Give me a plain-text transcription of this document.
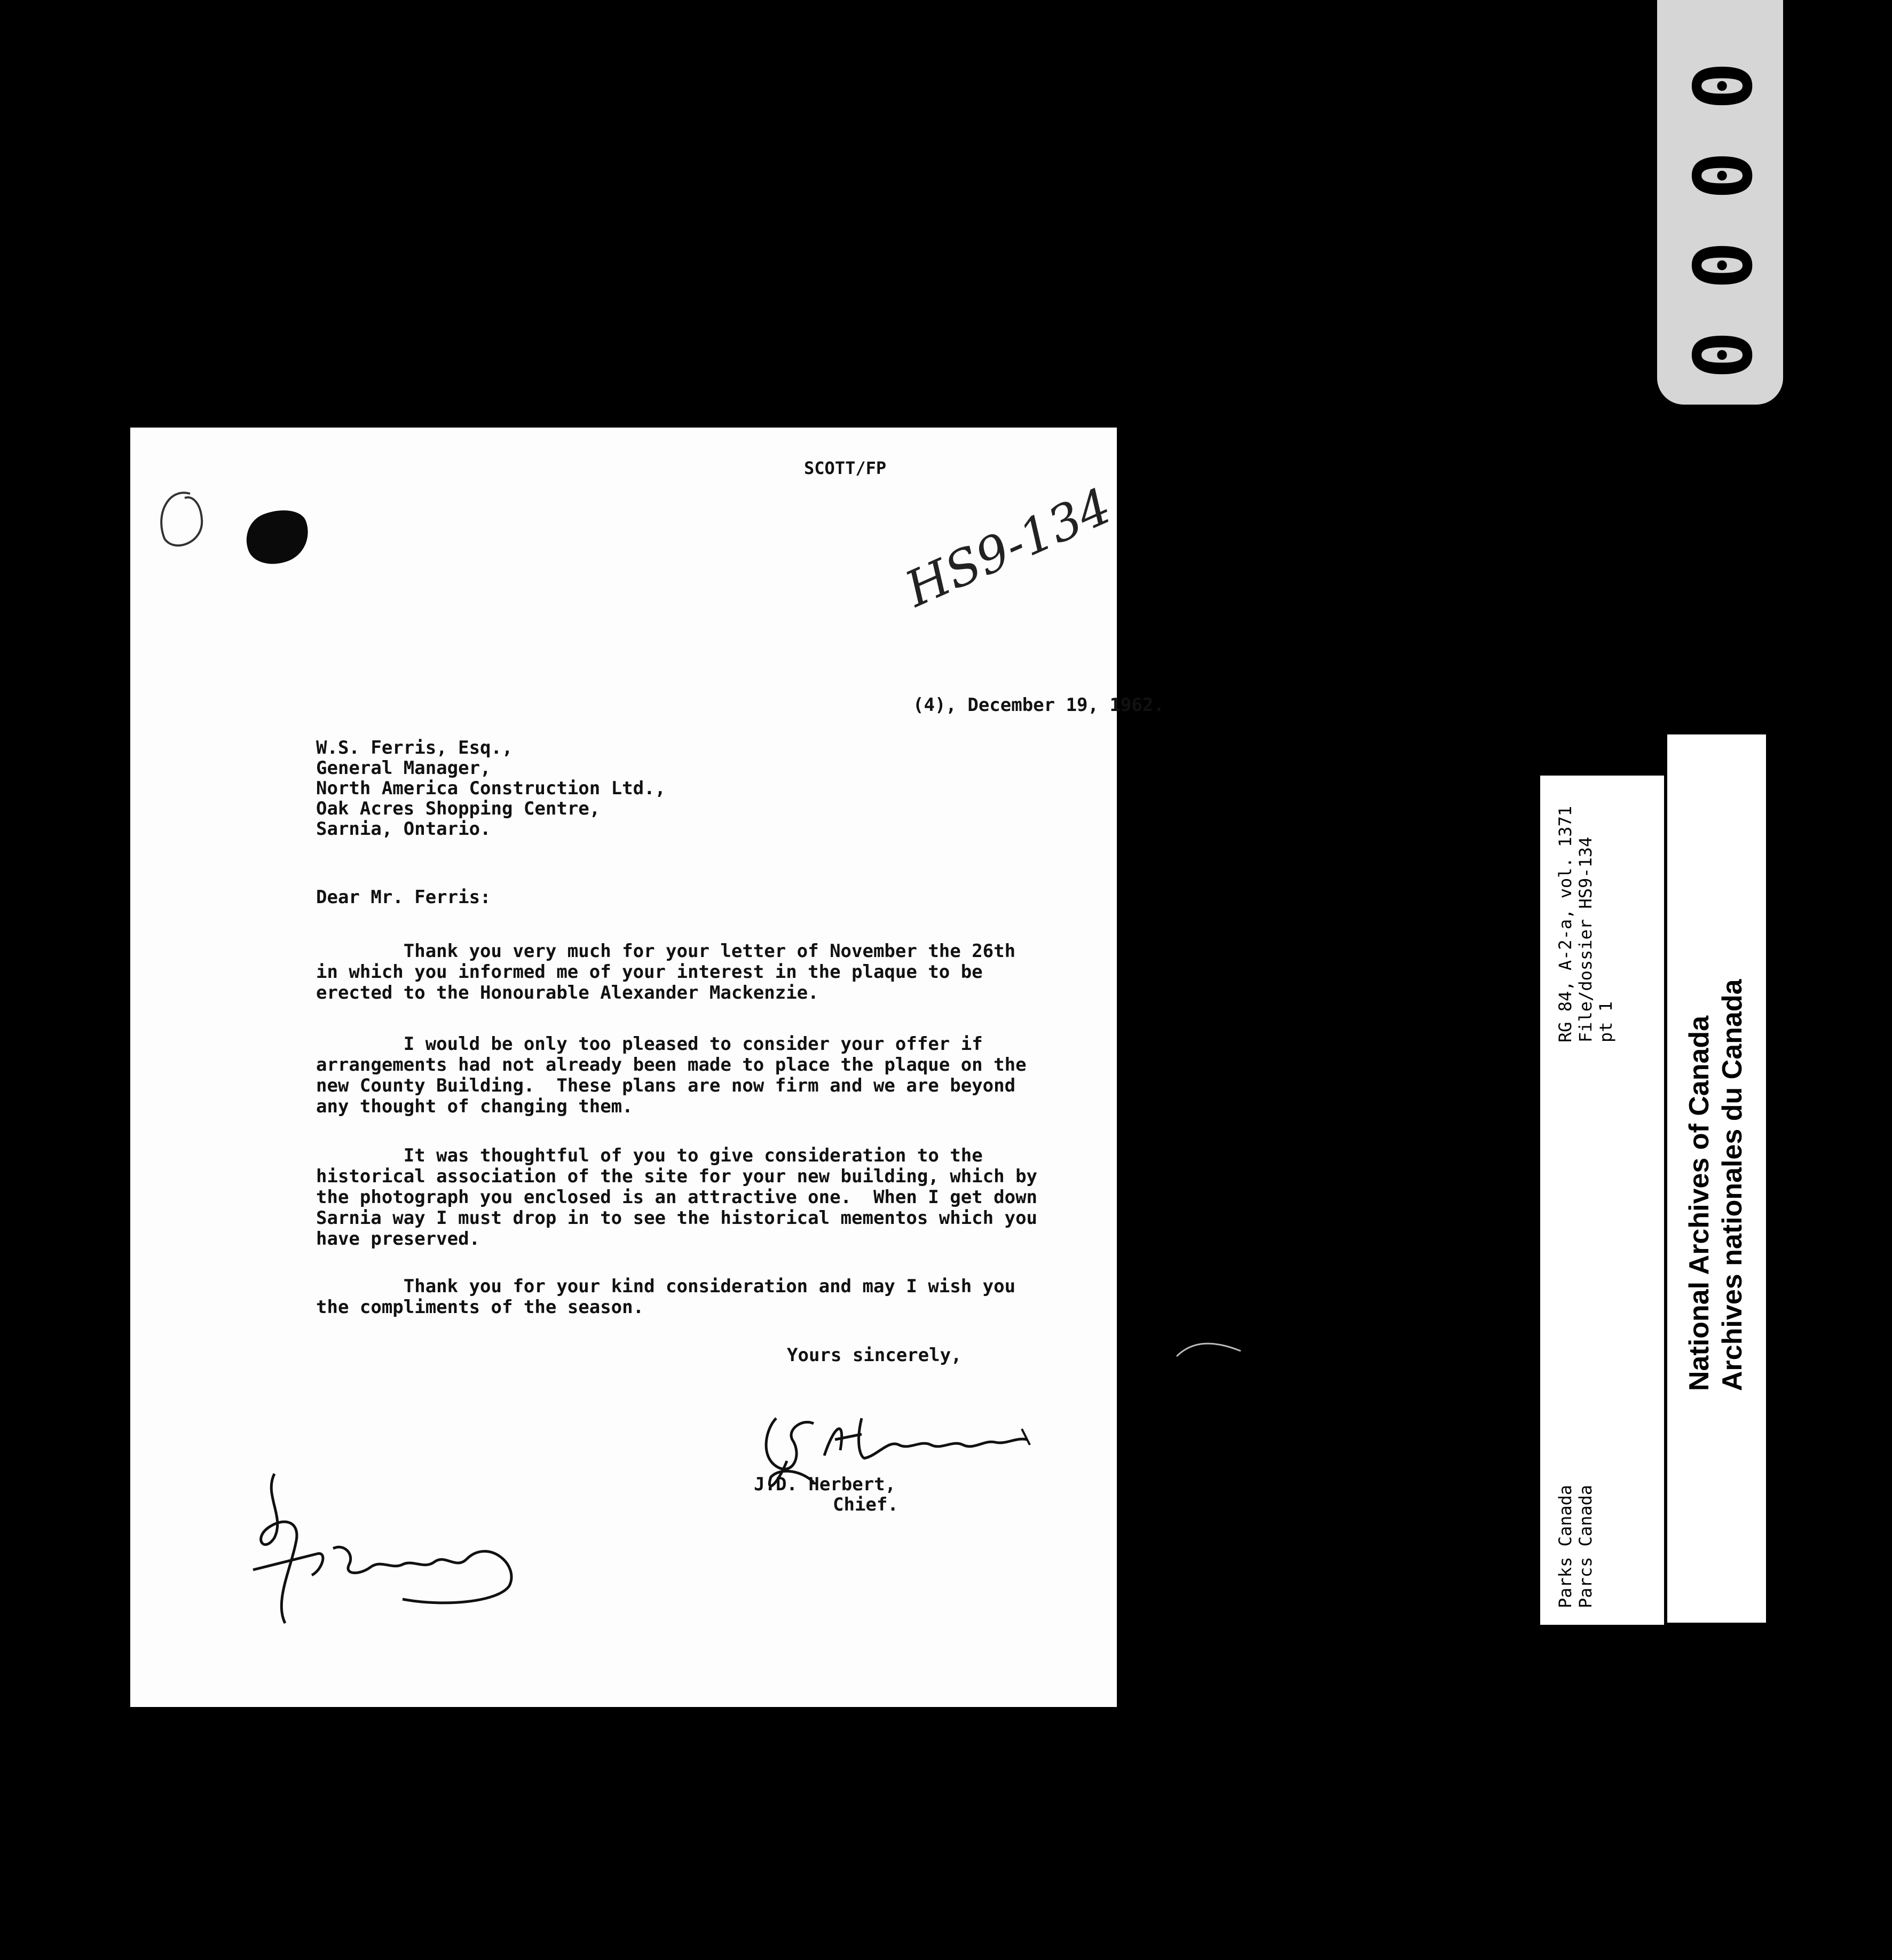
0
0
0
0
SCOTT/FP
HS9-134
(4), December 19, 1962.
W.S. Ferris, Esq.,
General Manager,
North America Construction Ltd.,
Oak Acres Shopping Centre,
Sarnia, Ontario.
Dear Mr. Ferris:
Thank you very much for your letter of November the 26th
in which you informed me of your interest in the plaque to be
erected to the Honourable Alexander Mackenzie.
I would be only too pleased to consider your offer if
arrangements had not already been made to place the plaque on the
new County Building.  These plans are now firm and we are beyond
any thought of changing them.
It was thoughtful of you to give consideration to the
historical association of the site for your new building, which by
the photograph you enclosed is an attractive one.  When I get down
Sarnia way I must drop in to see the historical mementos which you
have preserved.
Thank you for your kind consideration and may I wish you
the compliments of the season.
Yours sincerely,
J.D. Herbert,
Chief.
RG 84, A-2-a, vol. 1371 File/dossier HS9-134 pt 1
Parks Canada Parcs Canada
National Archives of Canada Archives nationales du Canada
